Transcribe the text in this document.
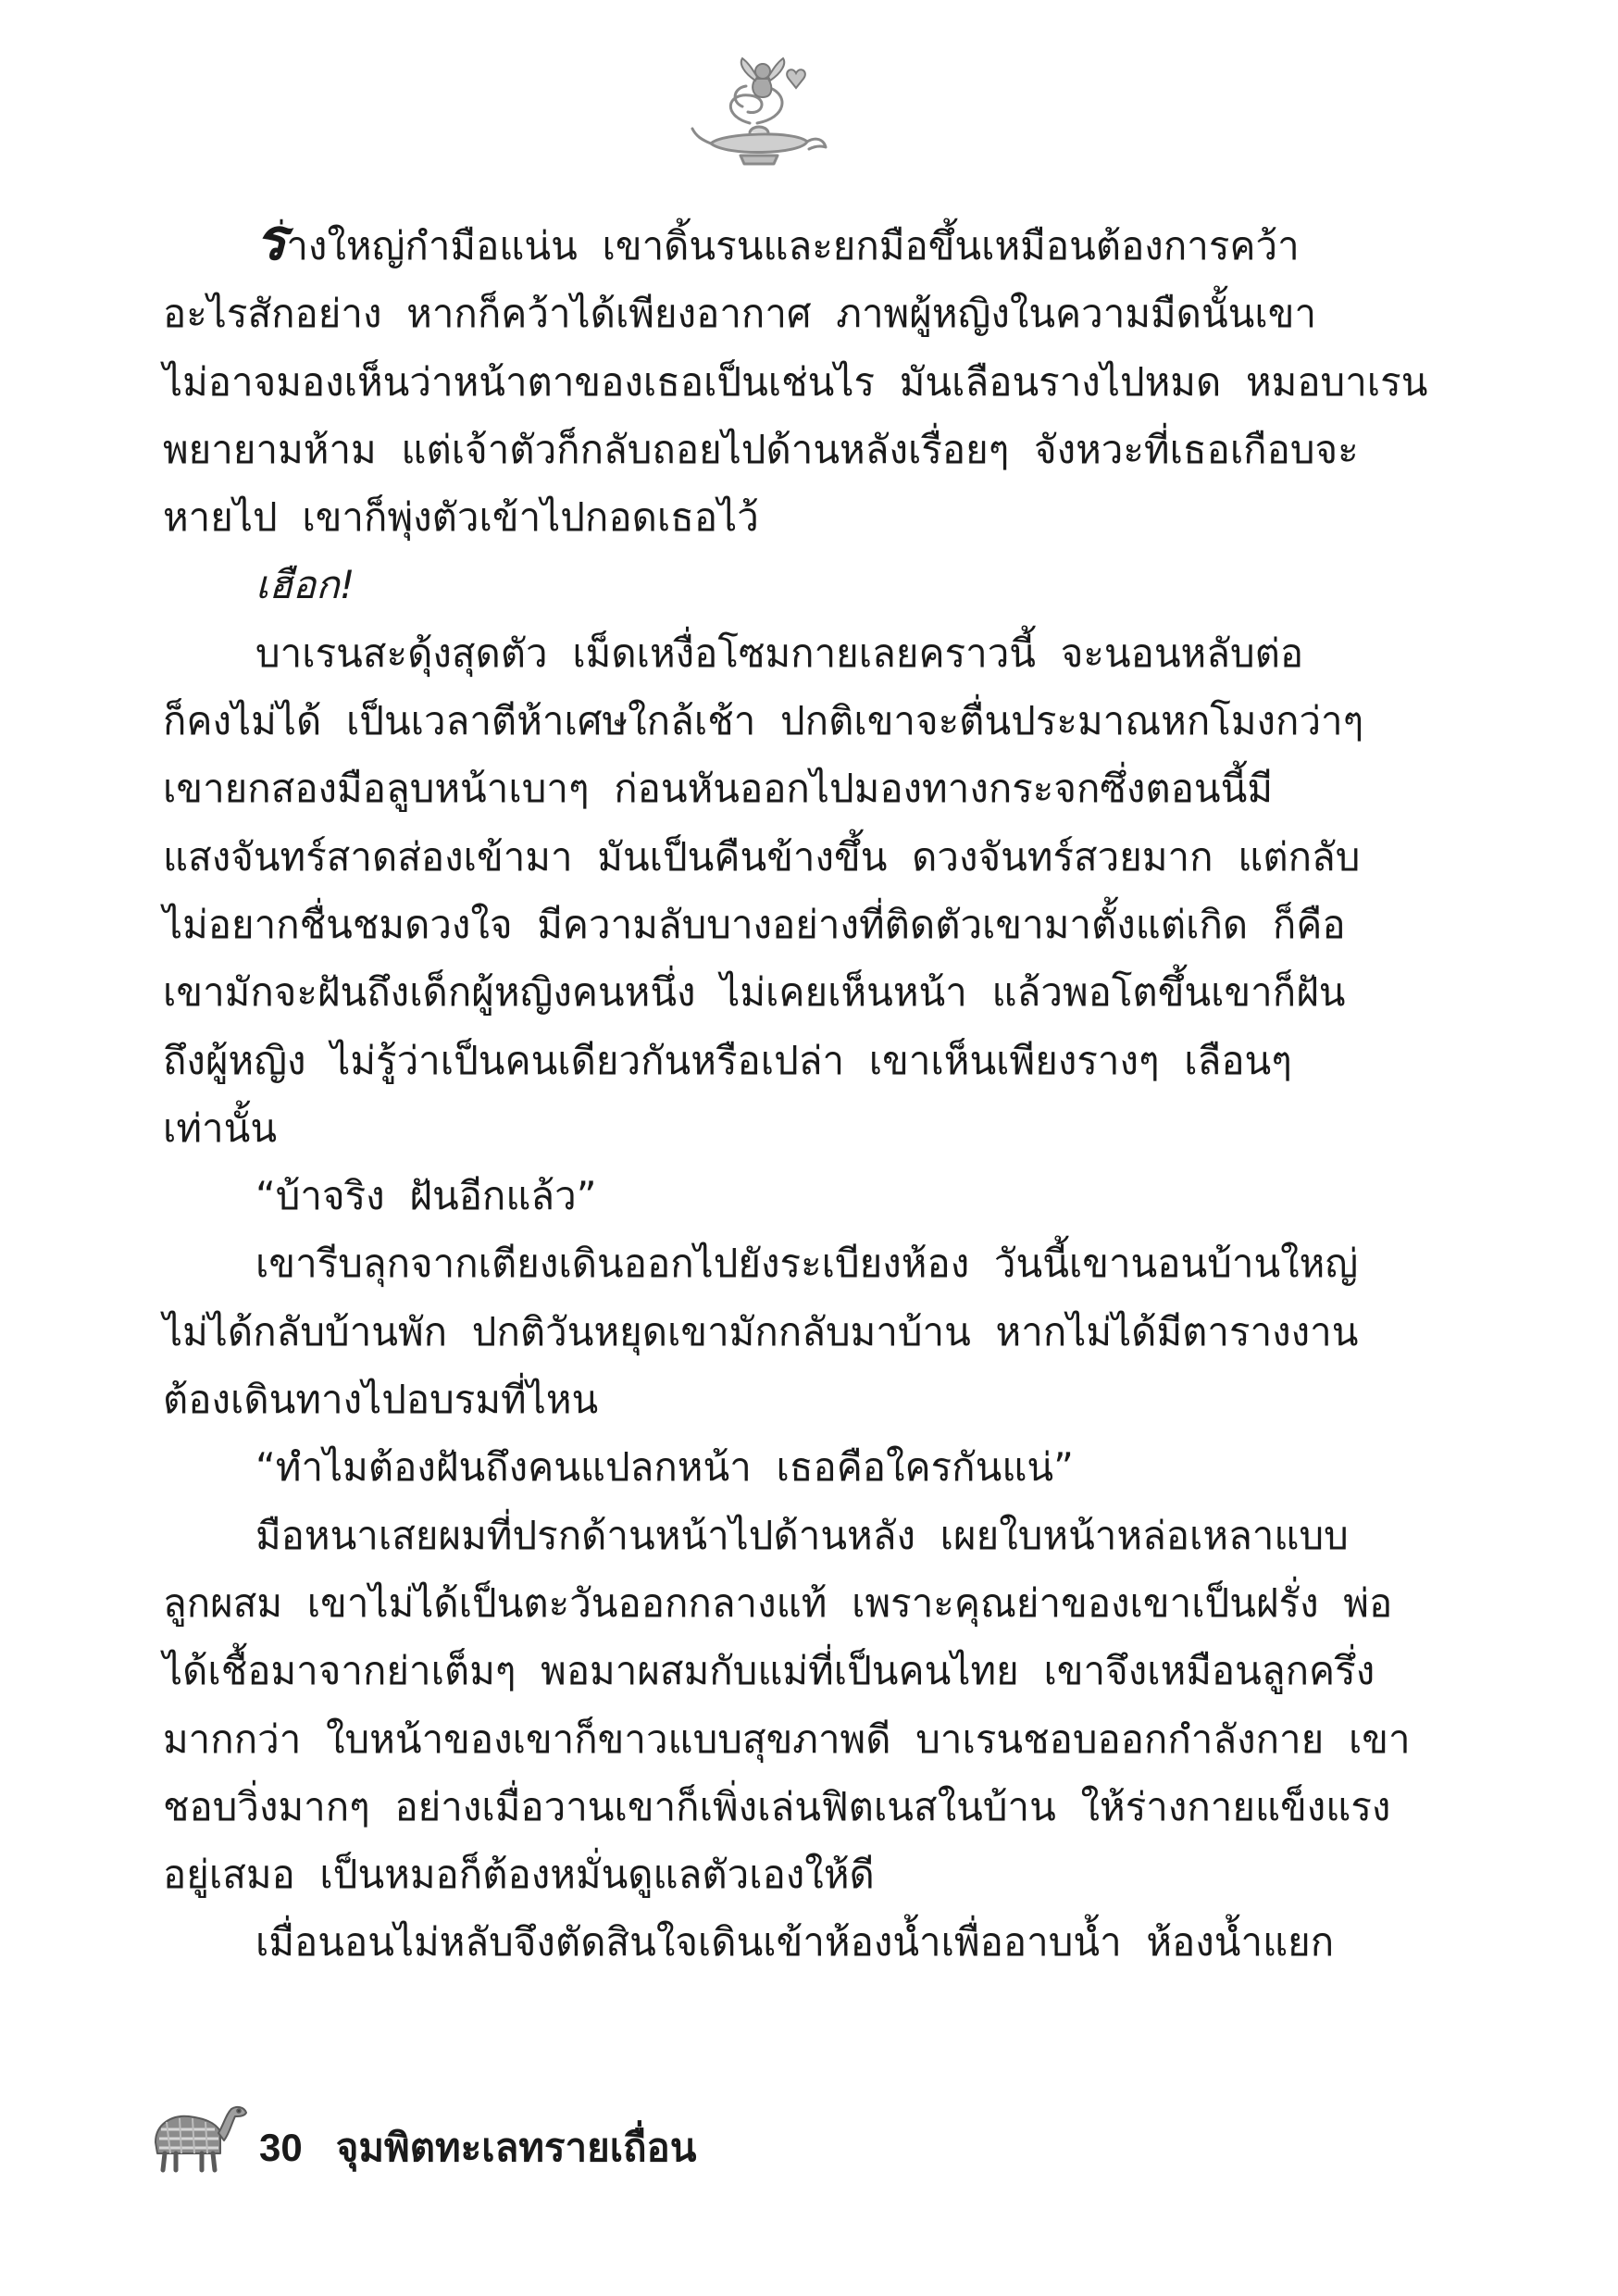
ร่างใหญ่กำมือแน่น  เขาดิ้นรนและยกมือขึ้นเหมือนต้องการคว้า

อะไรสักอย่าง  หากก็คว้าได้เพียงอากาศ  ภาพผู้หญิงในความมืดนั้นเขา

ไม่อาจมองเห็นว่าหน้าตาของเธอเป็นเช่นไร  มันเลือนรางไปหมด  หมอบาเรน

พยายามห้าม  แต่เจ้าตัวก็กลับถอยไปด้านหลังเรื่อยๆ  จังหวะที่เธอเกือบจะ

หายไป  เขาก็พุ่งตัวเข้าไปกอดเธอไว้

เฮือก!

บาเรนสะดุ้งสุดตัว  เม็ดเหงื่อโซมกายเลยคราวนี้  จะนอนหลับต่อ

ก็คงไม่ได้  เป็นเวลาตีห้าเศษใกล้เช้า  ปกติเขาจะตื่นประมาณหกโมงกว่าๆ

เขายกสองมือลูบหน้าเบาๆ  ก่อนหันออกไปมองทางกระจกซึ่งตอนนี้มี

แสงจันทร์สาดส่องเข้ามา  มันเป็นคืนข้างขึ้น  ดวงจันทร์สวยมาก  แต่กลับ

ไม่อยากชื่นชมดวงใจ  มีความลับบางอย่างที่ติดตัวเขามาตั้งแต่เกิด  ก็คือ

เขามักจะฝันถึงเด็กผู้หญิงคนหนึ่ง  ไม่เคยเห็นหน้า  แล้วพอโตขึ้นเขาก็ฝัน

ถึงผู้หญิง  ไม่รู้ว่าเป็นคนเดียวกันหรือเปล่า  เขาเห็นเพียงรางๆ  เลือนๆ

เท่านั้น

“บ้าจริง  ฝันอีกแล้ว”

เขารีบลุกจากเตียงเดินออกไปยังระเบียงห้อง  วันนี้เขานอนบ้านใหญ่

ไม่ได้กลับบ้านพัก  ปกติวันหยุดเขามักกลับมาบ้าน  หากไม่ได้มีตารางงาน

ต้องเดินทางไปอบรมที่ไหน

“ทำไมต้องฝันถึงคนแปลกหน้า  เธอคือใครกันแน่”

มือหนาเสยผมที่ปรกด้านหน้าไปด้านหลัง  เผยใบหน้าหล่อเหลาแบบ

ลูกผสม  เขาไม่ได้เป็นตะวันออกกลางแท้  เพราะคุณย่าของเขาเป็นฝรั่ง  พ่อ

ได้เชื้อมาจากย่าเต็มๆ  พอมาผสมกับแม่ที่เป็นคนไทย  เขาจึงเหมือนลูกครึ่ง

มากกว่า  ใบหน้าของเขาก็ขาวแบบสุขภาพดี  บาเรนชอบออกกำลังกาย  เขา

ชอบวิ่งมากๆ  อย่างเมื่อวานเขาก็เพิ่งเล่นฟิตเนสในบ้าน  ให้ร่างกายแข็งแรง

อยู่เสมอ  เป็นหมอก็ต้องหมั่นดูแลตัวเองให้ดี

เมื่อนอนไม่หลับจึงตัดสินใจเดินเข้าห้องน้ำเพื่ออาบน้ำ  ห้องน้ำแยก

30 จุมพิตทะเลทรายเถื่อน
